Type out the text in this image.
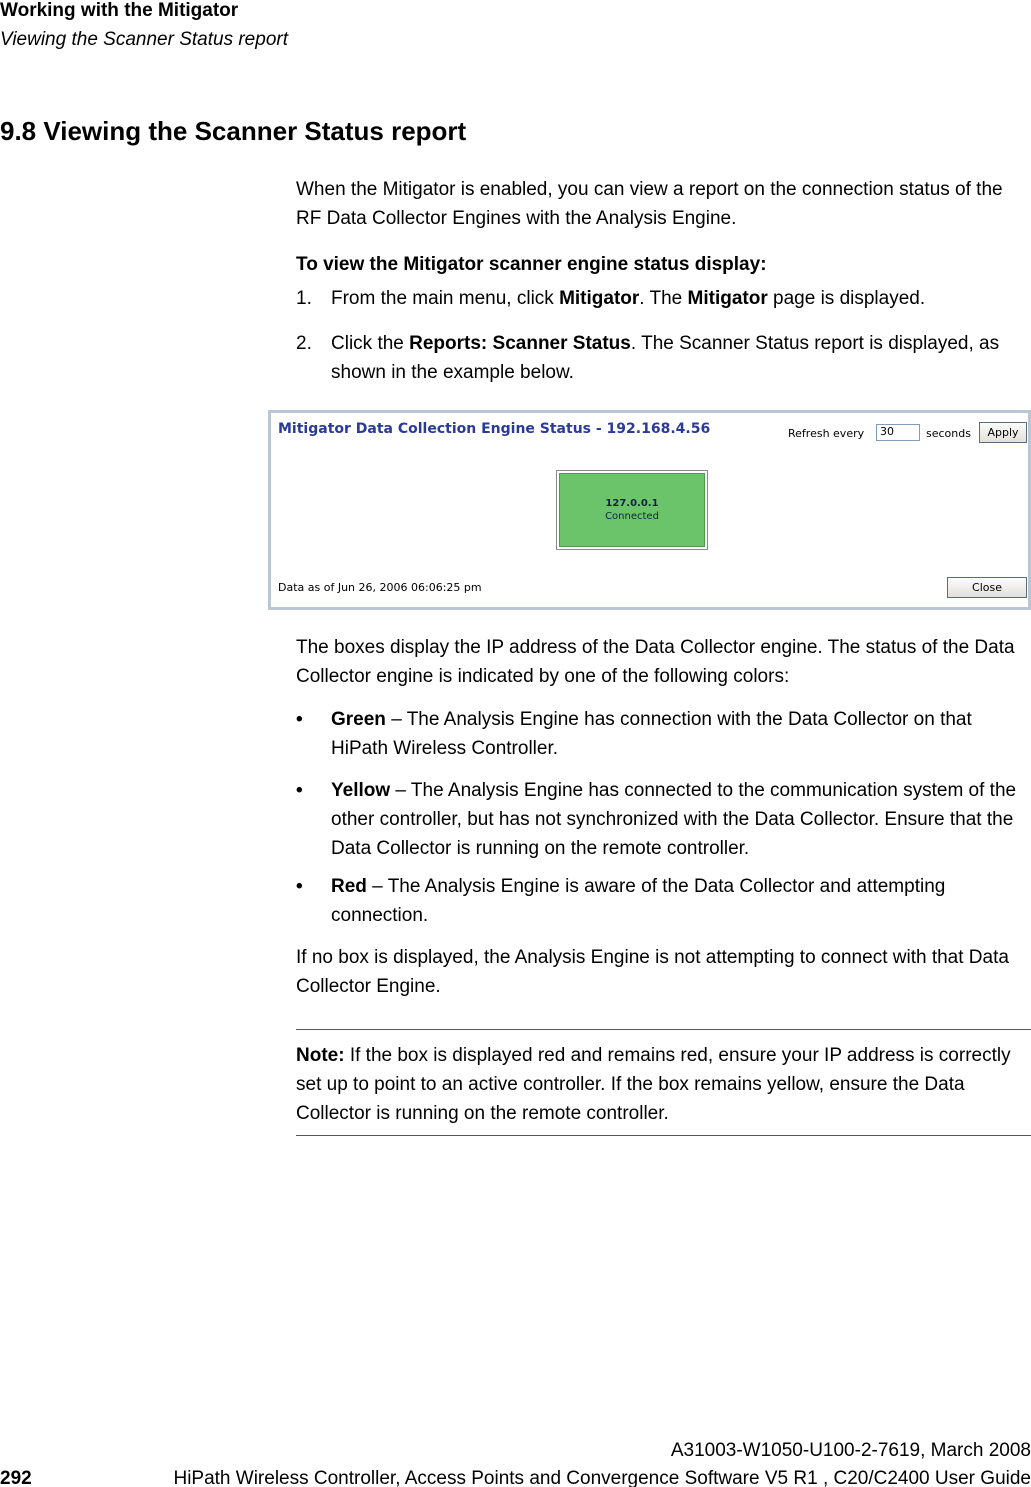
Working with the Mitigator
Viewing the Scanner Status report
9.8 Viewing the Scanner Status report

When the Mitigator is enabled, you can view a report on the connection status of the RF Data Collector Engines with the Analysis Engine.

To view the Mitigator scanner engine status display:

1. From the main menu, click Mitigator. The Mitigator page is displayed.
2. Click the Reports: Scanner Status. The Scanner Status report is displayed, as shown in the example below.
Mitigator Data Collection Engine Status - 192.168.4.56	Refresh every	30	seconds	Apply
127.0.0.1
Connected
Data as of Jun 26, 2006 06:06:25 pm	Close

The boxes display the IP address of the Data Collector engine. The status of the Data Collector engine is indicated by one of the following colors:

• Green – The Analysis Engine has connection with the Data Collector on that HiPath Wireless Controller.
• Yellow – The Analysis Engine has connected to the communication system of the other controller, but has not synchronized with the Data Collector. Ensure that the Data Collector is running on the remote controller.
• Red – The Analysis Engine is aware of the Data Collector and attempting connection.

If no box is displayed, the Analysis Engine is not attempting to connect with that Data Collector Engine.

Note: If the box is displayed red and remains red, ensure your IP address is correctly set up to point to an active controller. If the box remains yellow, ensure the Data Collector is running on the remote controller.

A31003-W1050-U100-2-7619, March 2008
292	HiPath Wireless Controller, Access Points and Convergence Software V5 R1 , C20/C2400 User Guide
